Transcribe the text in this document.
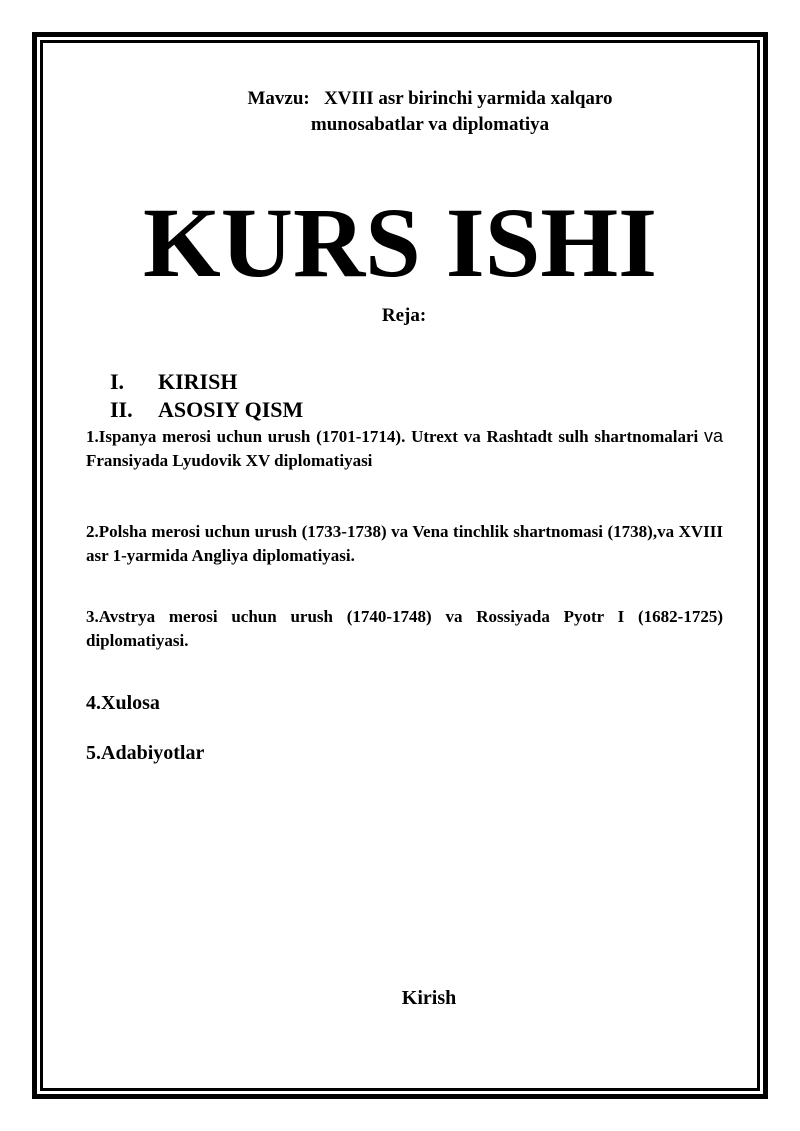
Mavzu:   XVIII asr birinchi yarmida xalqaro
munosabatlar va diplomatiya
KURS ISHI
Reja:
I. KIRISH
II. ASOSIY QISM
1.Ispanya merosi uchun urush (1701-1714). Utrext va Rashtadt sulh shartnomalari va Fransiyada Lyudovik XV diplomatiyasi
2.Polsha merosi uchun urush (1733-1738) va Vena tinchlik shartnomasi (1738),va XVIII asr 1-yarmida Angliya diplomatiyasi.
3.Avstrya merosi uchun urush (1740-1748) va Rossiyada Pyotr I (1682-1725) diplomatiyasi.
4.Xulosa
5.Adabiyotlar
Kirish
